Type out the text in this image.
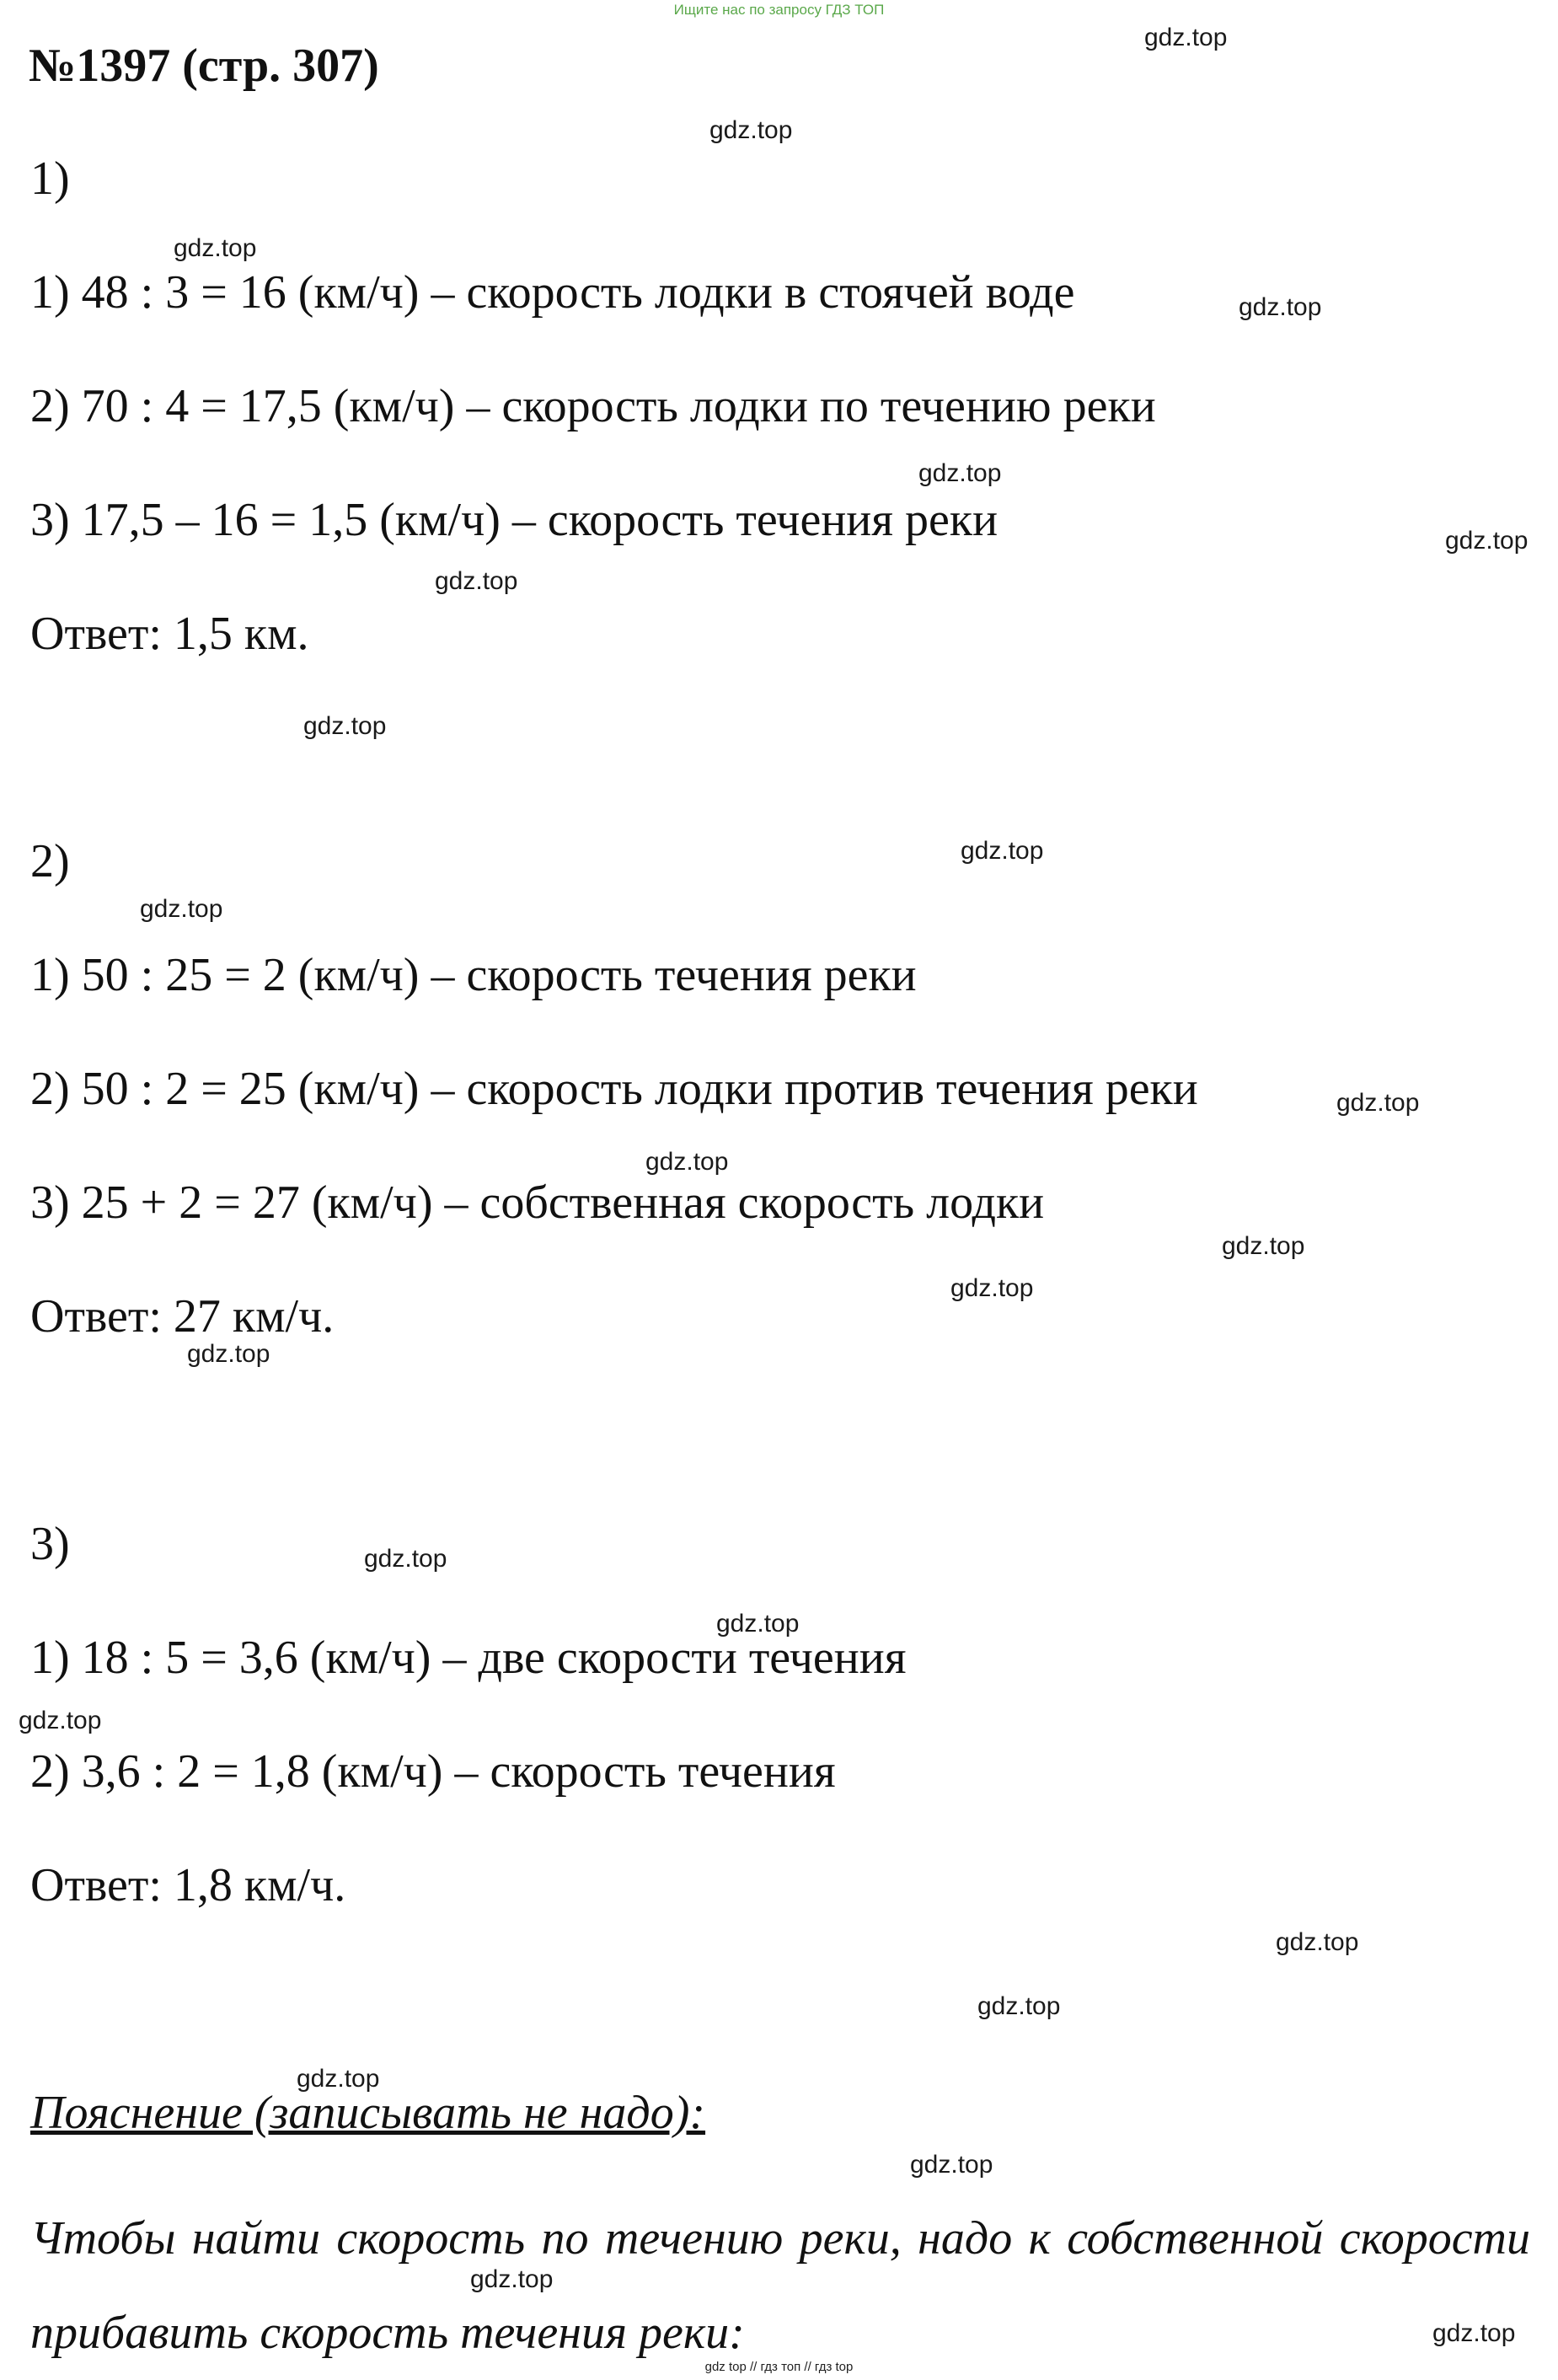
Ищите нас по запросу ГДЗ ТОП
№1397 (стр. 307)
1)
1) 48 : 3 = 16 (км/ч) – скорость лодки в стоячей воде
2) 70 : 4 = 17,5 (км/ч) – скорость лодки по течению реки
3) 17,5 – 16 = 1,5 (км/ч) – скорость течения реки
Ответ: 1,5 км.
2)
1) 50 : 25 = 2 (км/ч) – скорость течения реки
2) 50 : 2 = 25 (км/ч) – скорость лодки против течения реки
3) 25 + 2 = 27 (км/ч) – собственная скорость лодки
Ответ: 27 км/ч.
3)
1) 18 : 5 = 3,6 (км/ч) – две скорости течения
2) 3,6 : 2 = 1,8 (км/ч) – скорость течения
Ответ: 1,8 км/ч.
Пояснение (записывать не надо):
Чтобы найти скорость по течению реки, надо к собственной скорости прибавить скорость течения реки:
gdz.top
gdz.top
gdz.top
gdz.top
gdz.top
gdz.top
gdz.top
gdz.top
gdz.top
gdz.top
gdz.top
gdz.top
gdz.top
gdz.top
gdz.top
gdz.top
gdz.top
gdz.top
gdz.top
gdz.top
gdz.top
gdz.top
gdz.top
gdz.top
gdz top // гдз топ // гдз top
